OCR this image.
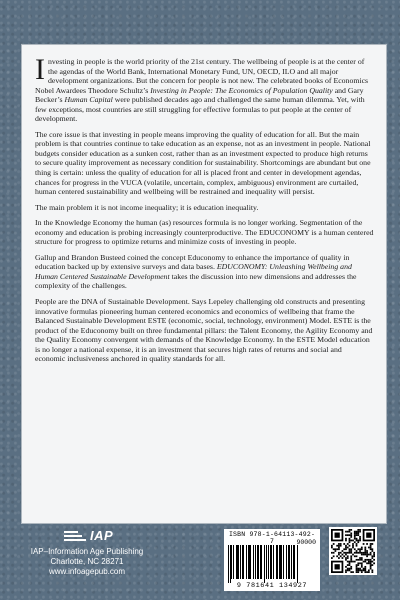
Investing in people is the world priority of the 21st century. The wellbeing of people is at the center of the agendas of the World Bank, International Monetary Fund, UN, OECD, ILO and all major development organizations. But the concern for people is not new. The celebrated books of Economics Nobel Awardees Theodore Schultz’s Investing in People: The Economics of Population Quality and Gary Becker’s Human Capital were published decades ago and challenged the same human dilemma. Yet, with few exceptions, most countries are still struggling for effective formulas to put people at the center of development.

The core issue is that investing in people means improving the quality of education for all. But the main problem is that countries continue to take education as an expense, not as an investment in people. National budgets consider education as a sunken cost, rather than as an investment expected to produce high returns to secure quality improvement as necessary condition for sustainability. Shortcomings are abundant but one thing is certain: unless the quality of education for all is placed front and center in development agendas, chances for progress in the VUCA (volatile, uncertain, complex, ambiguous) environment are curtailed, human centered sustainability and wellbeing will be restrained and inequality will persist.

The main problem it is not income inequality; it is education inequality.

In the Knowledge Economy the human (as) resources formula is no longer working. Segmentation of the economy and education is probing increasingly counterproductive. The EDUCONOMY is a human centered structure for progress to optimize returns and minimize costs of investing in people.

Gallup and Brandon Busteed coined the concept Educonomy to enhance the importance of quality in education backed up by extensive surveys and data bases. EDUCONOMY: Unleashing Wellbeing and Human Centered Sustainable Development takes the discussion into new dimensions and addresses the complexity of the challenges.

People are the DNA of Sustainable Development. Says Lepeley challenging old constructs and presenting innovative formulas pioneering human centered economics and economics of wellbeing that frame the Balanced Sustainable Development ESTE (economic, social, technology, environment) Model. ESTE is the product of the Educonomy built on three fundamental pillars: the Talent Economy, the Agility Economy and the Quality Economy convergent with demands of the Knowledge Economy. In the ESTE Model education is no longer a national expense, it is an investment that secures high rates of returns and social and economic inclusiveness anchored in quality standards for all.

IAP
IAP–Information Age Publishing
Charlotte, NC 28271
www.infoagepub.com
ISBN 978-1-64113-492-7	90000
9 781641 134927
